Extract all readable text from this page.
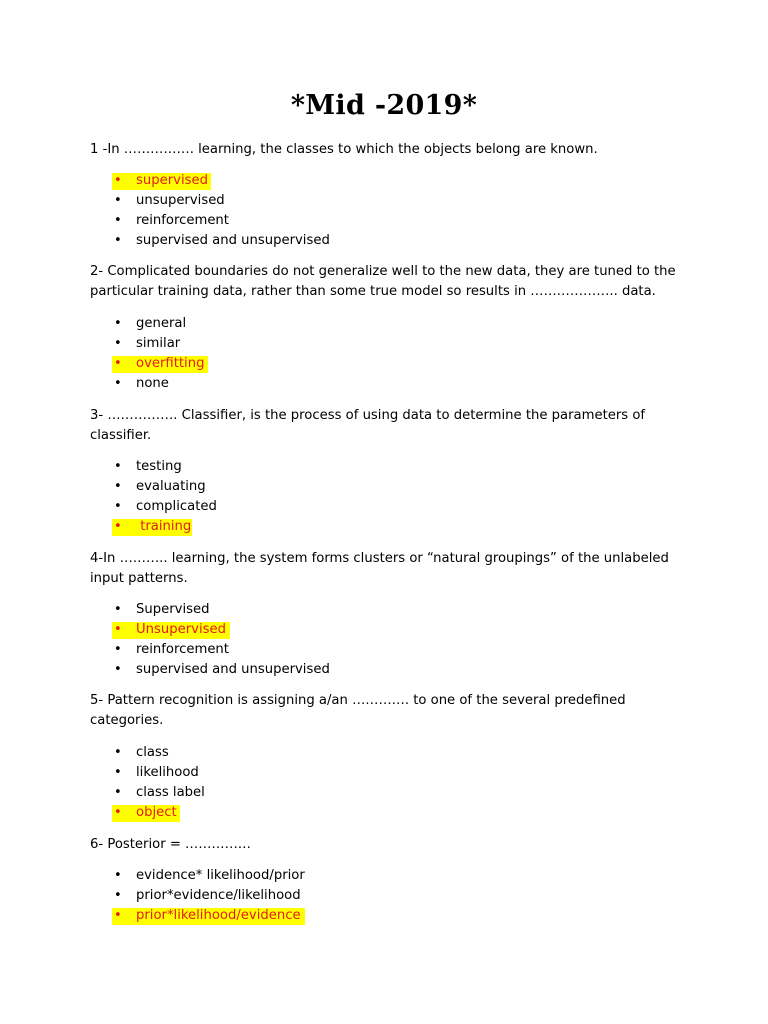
*Mid -2019*
1 -In ……………. learning, the classes to which the objects belong are known.
• supervised
• unsupervised
• reinforcement
• supervised and unsupervised
2- Complicated boundaries do not generalize well to the new data, they are tuned to the particular training data, rather than some true model so results in ……………….. data.
• general
• similar
• overfitting
• none
3- ……………. Classifier, is the process of using data to determine the parameters of classifier.
• testing
• evaluating
• complicated
• training
4-In ……….. learning, the system forms clusters or “natural groupings” of the unlabeled input patterns.
• Supervised
• Unsupervised
• reinforcement
• supervised and unsupervised
5- Pattern recognition is assigning a/an …………. to one of the several predefined categories.
• class
• likelihood
• class label
• object
6- Posterior = ……………
• evidence* likelihood/prior
• prior*evidence/likelihood
• prior*likelihood/evidence
